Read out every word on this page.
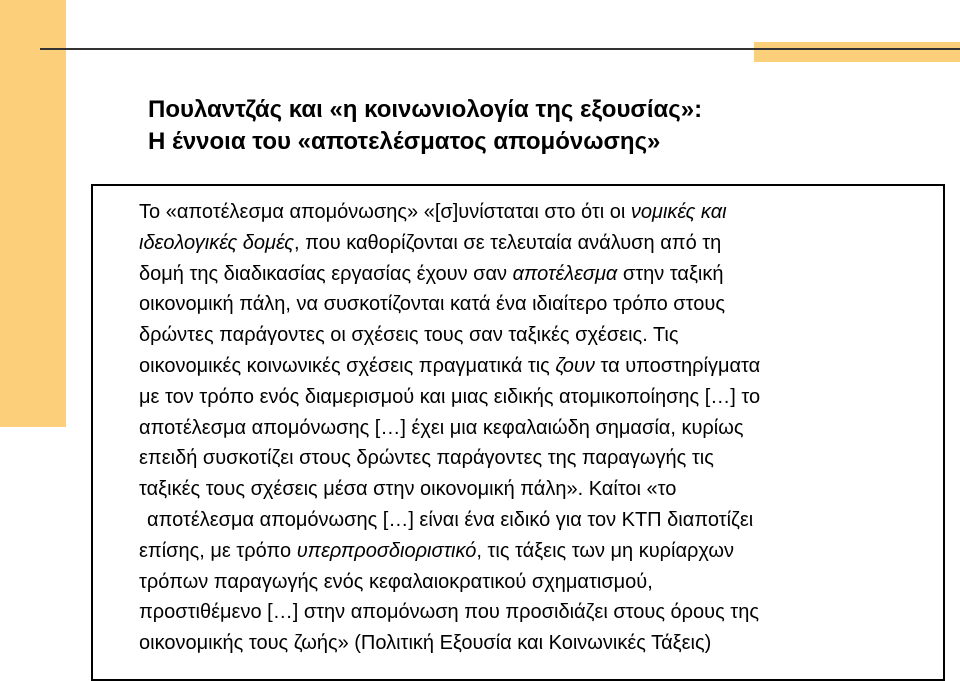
Πουλαντζάς και «η κοινωνιολογία της εξουσίας»:
Η έννοια του «αποτελέσματος απομόνωσης»
Το «αποτέλεσμα απομόνωσης» «[σ]υνίσταται στο ότι οι νομικές και
ιδεολογικές δομές, που καθορίζονται σε τελευταία ανάλυση από τη
δομή της διαδικασίας εργασίας έχουν σαν αποτέλεσμα στην ταξική
οικονομική πάλη, να συσκοτίζονται κατά ένα ιδιαίτερο τρόπο στους
δρώντες παράγοντες οι σχέσεις τους σαν ταξικές σχέσεις. Τις
οικονομικές κοινωνικές σχέσεις πραγματικά τις ζουν τα υποστηρίγματα
με τον τρόπο ενός διαμερισμού και μιας ειδικής ατομικοποίησης […] το
αποτέλεσμα απομόνωσης […] έχει μια κεφαλαιώδη σημασία, κυρίως
επειδή συσκοτίζει στους δρώντες παράγοντες της παραγωγής τις
ταξικές τους σχέσεις μέσα στην οικονομική πάλη». Καίτοι «το
αποτέλεσμα απομόνωσης […] είναι ένα ειδικό για τον ΚΤΠ διαποτίζει
επίσης, με τρόπο υπερπροσδιοριστικό, τις τάξεις των μη κυρίαρχων
τρόπων παραγωγής ενός κεφαλαιοκρατικού σχηματισμού,
προστιθέμενο […] στην απομόνωση που προσιδιάζει στους όρους της
οικονομικής τους ζωής» (Πολιτική Εξουσία και Κοινωνικές Τάξεις)
